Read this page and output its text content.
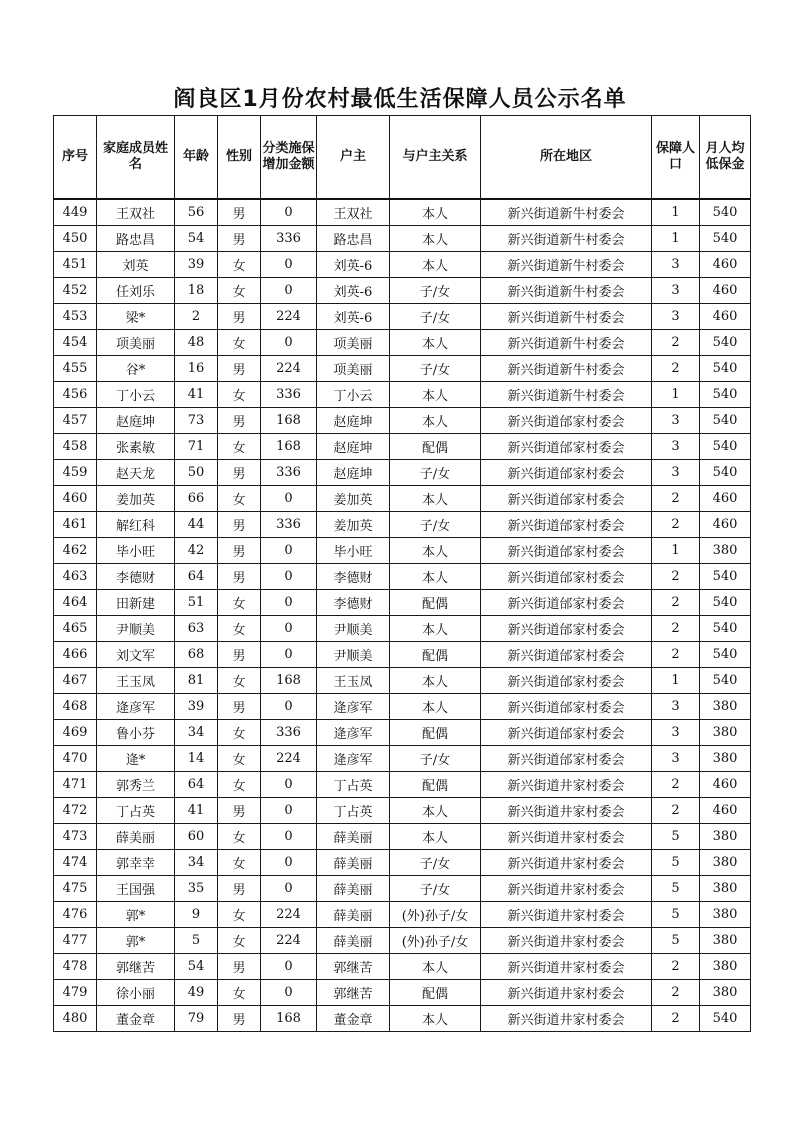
阎良区1月份农村最低生活保障人员公示名单
序号	家庭成员姓名	年龄	性别	分类施保增加金额	户主	与户主关系	所在地区	保障人口	月人均低保金
449	王双社	56	男	0	王双社	本人	新兴街道新牛村委会	1	540
450	路忠昌	54	男	336	路忠昌	本人	新兴街道新牛村委会	1	540
451	刘英	39	女	0	刘英-6	本人	新兴街道新牛村委会	3	460
452	任刘乐	18	女	0	刘英-6	子/女	新兴街道新牛村委会	3	460
453	梁*	2	男	224	刘英-6	子/女	新兴街道新牛村委会	3	460
454	项美丽	48	女	0	项美丽	本人	新兴街道新牛村委会	2	540
455	谷*	16	男	224	项美丽	子/女	新兴街道新牛村委会	2	540
456	丁小云	41	女	336	丁小云	本人	新兴街道新牛村委会	1	540
457	赵庭坤	73	男	168	赵庭坤	本人	新兴街道邰家村委会	3	540
458	张素敏	71	女	168	赵庭坤	配偶	新兴街道邰家村委会	3	540
459	赵天龙	50	男	336	赵庭坤	子/女	新兴街道邰家村委会	3	540
460	姜加英	66	女	0	姜加英	本人	新兴街道邰家村委会	2	460
461	解红科	44	男	336	姜加英	子/女	新兴街道邰家村委会	2	460
462	毕小旺	42	男	0	毕小旺	本人	新兴街道邰家村委会	1	380
463	李德财	64	男	0	李德财	本人	新兴街道邰家村委会	2	540
464	田新建	51	女	0	李德财	配偶	新兴街道邰家村委会	2	540
465	尹顺美	63	女	0	尹顺美	本人	新兴街道邰家村委会	2	540
466	刘文军	68	男	0	尹顺美	配偶	新兴街道邰家村委会	2	540
467	王玉凤	81	女	168	王玉凤	本人	新兴街道邰家村委会	1	540
468	逄彦军	39	男	0	逄彦军	本人	新兴街道邰家村委会	3	380
469	鲁小芬	34	女	336	逄彦军	配偶	新兴街道邰家村委会	3	380
470	逄*	14	女	224	逄彦军	子/女	新兴街道邰家村委会	3	380
471	郭秀兰	64	女	0	丁占英	配偶	新兴街道井家村委会	2	460
472	丁占英	41	男	0	丁占英	本人	新兴街道井家村委会	2	460
473	薛美丽	60	女	0	薛美丽	本人	新兴街道井家村委会	5	380
474	郭幸幸	34	女	0	薛美丽	子/女	新兴街道井家村委会	5	380
475	王国强	35	男	0	薛美丽	子/女	新兴街道井家村委会	5	380
476	郭*	9	女	224	薛美丽	(外)孙子/女	新兴街道井家村委会	5	380
477	郭*	5	女	224	薛美丽	(外)孙子/女	新兴街道井家村委会	5	380
478	郭继苦	54	男	0	郭继苦	本人	新兴街道井家村委会	2	380
479	徐小丽	49	女	0	郭继苦	配偶	新兴街道井家村委会	2	380
480	董金章	79	男	168	董金章	本人	新兴街道井家村委会	2	540
